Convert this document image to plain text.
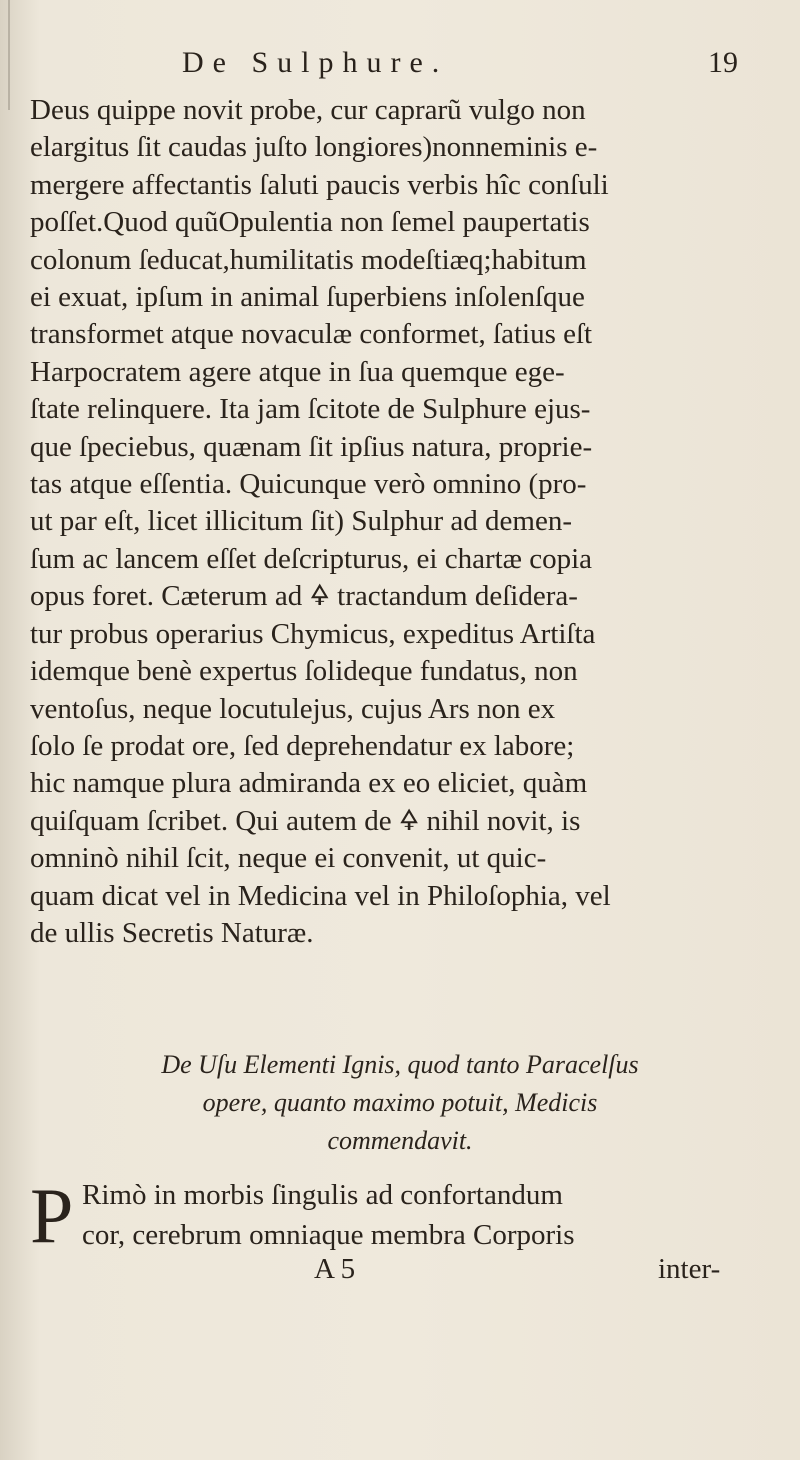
De Sulphure.	19
Deus quippe novit probe, cur caprarũ vulgo non
elargitus ſit caudas juſto longiores)nonneminis e-
mergere affectantis ſaluti paucis verbis hîc conſuli
poſſet.Quod quũOpulentia non ſemel paupertatis
colonum ſeducat,humilitatis modeſtiæq;habitum
ei exuat, ipſum in animal ſuperbiens inſolenſque
transformet atque novaculæ conformet, ſatius eſt
Harpocratem agere atque in ſua quemque ege-
ſtate relinquere. Ita jam ſcitote de Sulphure ejus-
que ſpeciebus, quænam ſit ipſius natura, proprie-
tas atque eſſentia. Quicunque verò omnino (pro-
ut par eſt, licet illicitum ſit) Sulphur ad demen-
ſum ac lancem eſſet deſcripturus, ei chartæ copia
opus foret. Cæterum ad 🜍 tractandum deſidera-
tur probus operarius Chymicus, expeditus Artiſta
idemque benè expertus ſolideque fundatus, non
ventoſus, neque locutulejus, cujus Ars non ex
ſolo ſe prodat ore, ſed deprehendatur ex labore;
hic namque plura admiranda ex eo eliciet, quàm
quiſquam ſcribet. Qui autem de 🜍 nihil novit, is
omninò nihil ſcit, neque ei convenit, ut quic-
quam dicat vel in Medicina vel in Philoſophia, vel
de ullis Secretis Naturæ.
De Uſu Elementi Ignis, quod tanto Paracelſus
opere, quanto maximo potuit, Medicis
commendavit.
P Rimò in morbis ſingulis ad confortandum
cor, cerebrum omniaque membra Corporis
A 5	inter-
